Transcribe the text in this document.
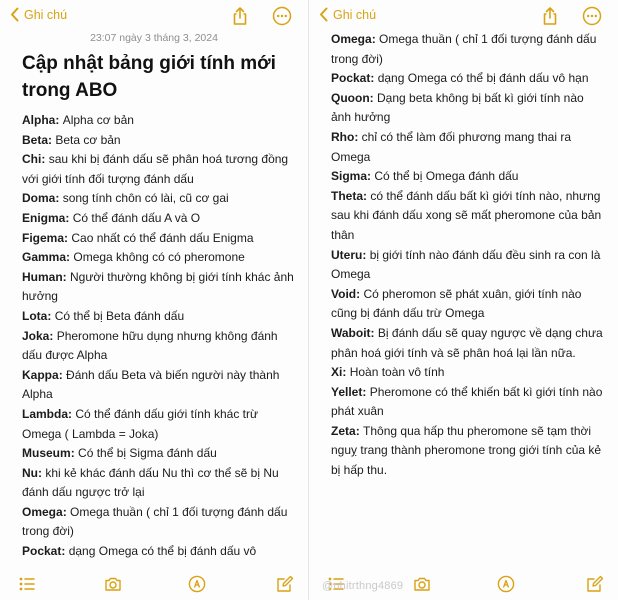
Ghi chú
23:07 ngày 3 tháng 3, 2024
Cập nhật bảng giới tính mới trong ABO
Alpha: Alpha cơ bản
Beta: Beta cơ bản
Chi: sau khi bị đánh dấu sẽ phân hoá tương đồng với giới tính đối tượng đánh dấu
Doma: song tính chôn có lài, cũ cơ gai
Enigma: Có thể đánh dấu A và O
Figema: Cao nhất có thể đánh dấu Enigma
Gamma: Omega không có có pheromone
Human: Người thường không bị giới tính khác ảnh hưởng
Lota: Có thể bị Beta đánh dấu
Joka: Pheromone hữu dụng nhưng không đánh dấu được Alpha
Kappa: Đánh dấu Beta và biến người này thành Alpha
Lambda: Có thể đánh dấu giới tính khác trừ Omega ( Lambda = Joka)
Museum: Có thể bị Sigma đánh dấu
Nu: khi kẻ khác đánh dấu Nu thì cơ thể sẽ bị Nu đánh dấu ngược trở lại
Omega: Omega thuần ( chỉ 1 đối tượng đánh dấu trong đời)
Pockat: dạng Omega có thể bị đánh dấu vô
Ghi chú
Omega: Omega thuần ( chỉ 1 đối tượng đánh dấu trong đời)
Pockat: dạng Omega có thể bị đánh dấu vô hạn
Quoon: Dạng beta không bị bất kì giới tính nào ảnh hưởng
Rho: chỉ có thể làm đối phương mang thai ra Omega
Sigma: Có thể bị Omega đánh dấu
Theta: có thể đánh dấu bất kì giới tính nào, nhưng sau khi đánh dấu xong sẽ mất pheromone của bản thân
Uteru: bị giới tính nào đánh dấu đều sinh ra con là Omega
Void: Có pheromon sẽ phát xuân, giới tính nào cũng bị đánh dấu trừ Omega
Waboit: Bị đánh dấu sẽ quay ngược về dạng chưa phân hoá giới tính và sẽ phân hoá lại lần nữa.
Xi: Hoàn toàn vô tính
Yellet: Pheromone có thể khiến bất kì giới tính nào phát xuân
Zeta: Thông qua hấp thu pheromone sẽ tạm thời nguỵ trang thành pheromone trong giới tính của kẻ bị hấp thu.
@nhitrthng4869
